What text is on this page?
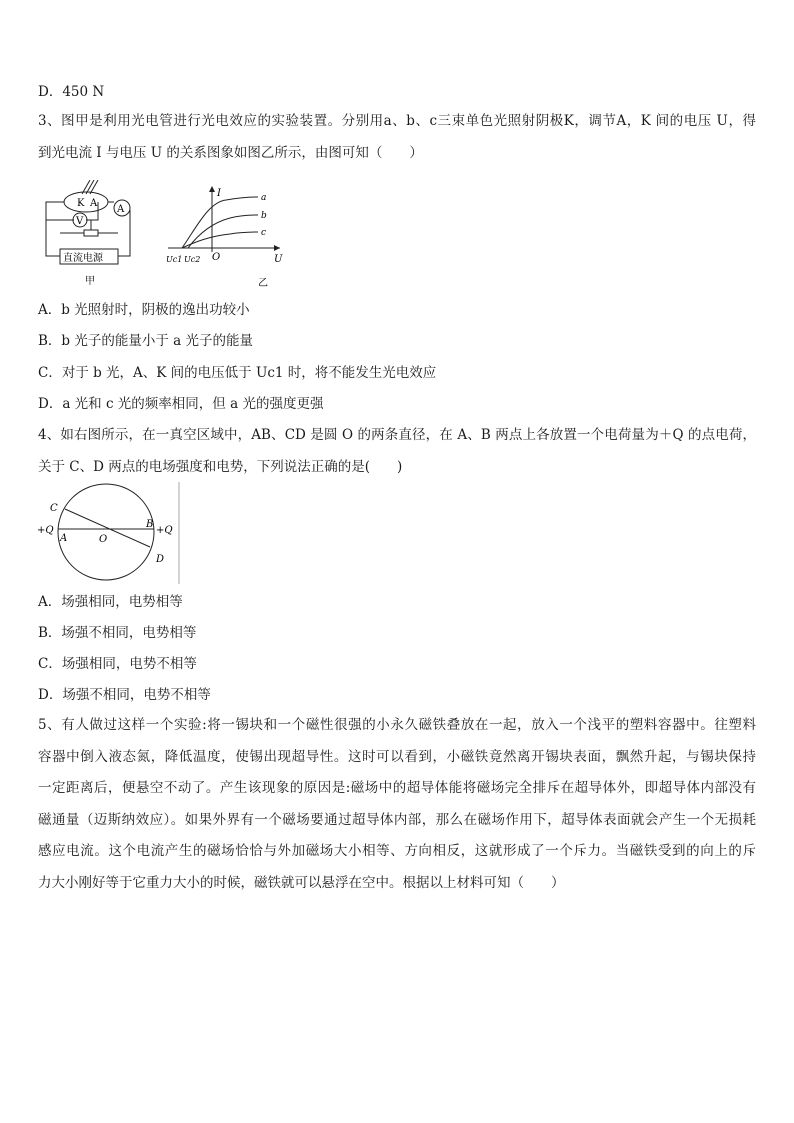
D．450 N

3、图甲是利用光电管进行光电效应的实验装置。分别用a、b、c三束单色光照射阴极K，调节A，K 间的电压 U，得

到光电流 I 与电压 U 的关系图象如图乙所示，由图可知（　　）

K A
A
V
直流电源
甲
I
U
O
a
b
c
Uc1 Uc2
乙
A．b 光照射时，阴极的逸出功较小
B．b 光子的能量小于 a 光子的能量
C．对于 b 光，A、K 间的电压低于 Uc1 时，将不能发生光电效应
D．a 光和 c 光的频率相同，但 a 光的强度更强

4、如右图所示，在一真空区域中，AB、CD 是圆 O 的两条直径，在 A、B 两点上各放置一个电荷量为＋Q 的点电荷，

关于 C、D 两点的电场强度和电势，下列说法正确的是(　　)

C
D
A
B
O
+Q	+Q
A．场强相同，电势相等
B．场强不相同，电势相等
C．场强相同，电势不相等
D．场强不相同，电势不相等

5、有人做过这样一个实验:将一锡块和一个磁性很强的小永久磁铁叠放在一起，放入一个浅平的塑料容器中。往塑料

容器中倒入液态氮，降低温度，使锡出现超导性。这时可以看到，小磁铁竟然离开锡块表面，飘然升起，与锡块保持

一定距离后，便悬空不动了。产生该现象的原因是:磁场中的超导体能将磁场完全排斥在超导体外，即超导体内部没有

磁通量（迈斯纳效应）。如果外界有一个磁场要通过超导体内部，那么在磁场作用下，超导体表面就会产生一个无损耗

感应电流。这个电流产生的磁场恰恰与外加磁场大小相等、方向相反，这就形成了一个斥力。当磁铁受到的向上的斥

力大小刚好等于它重力大小的时候，磁铁就可以悬浮在空中。根据以上材料可知（　　）
